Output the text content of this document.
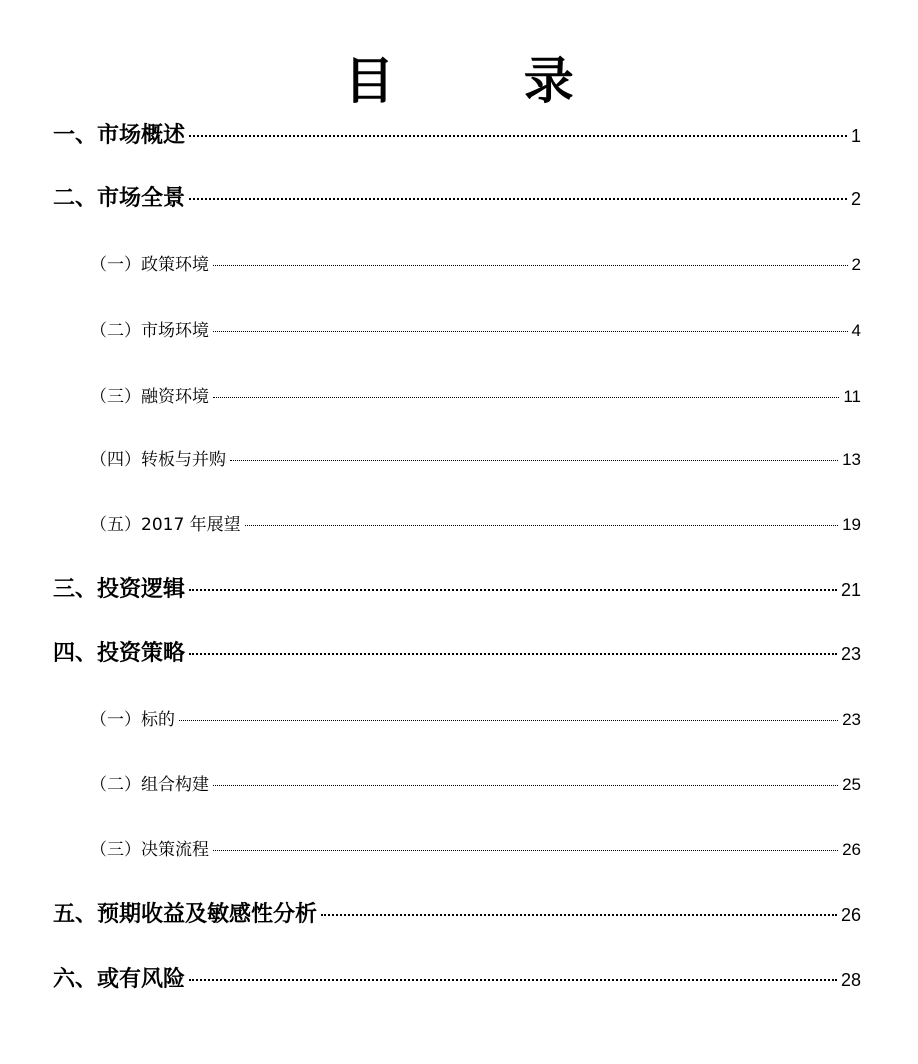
目 录
一、市场概述	1
二、市场全景	2
（一）政策环境	2
（二）市场环境	4
（三）融资环境	11
（四）转板与并购	13
（五）2017 年展望	19
三、投资逻辑	21
四、投资策略	23
（一）标的	23
（二）组合构建	25
（三）决策流程	26
五、预期收益及敏感性分析	26
六、或有风险	28
